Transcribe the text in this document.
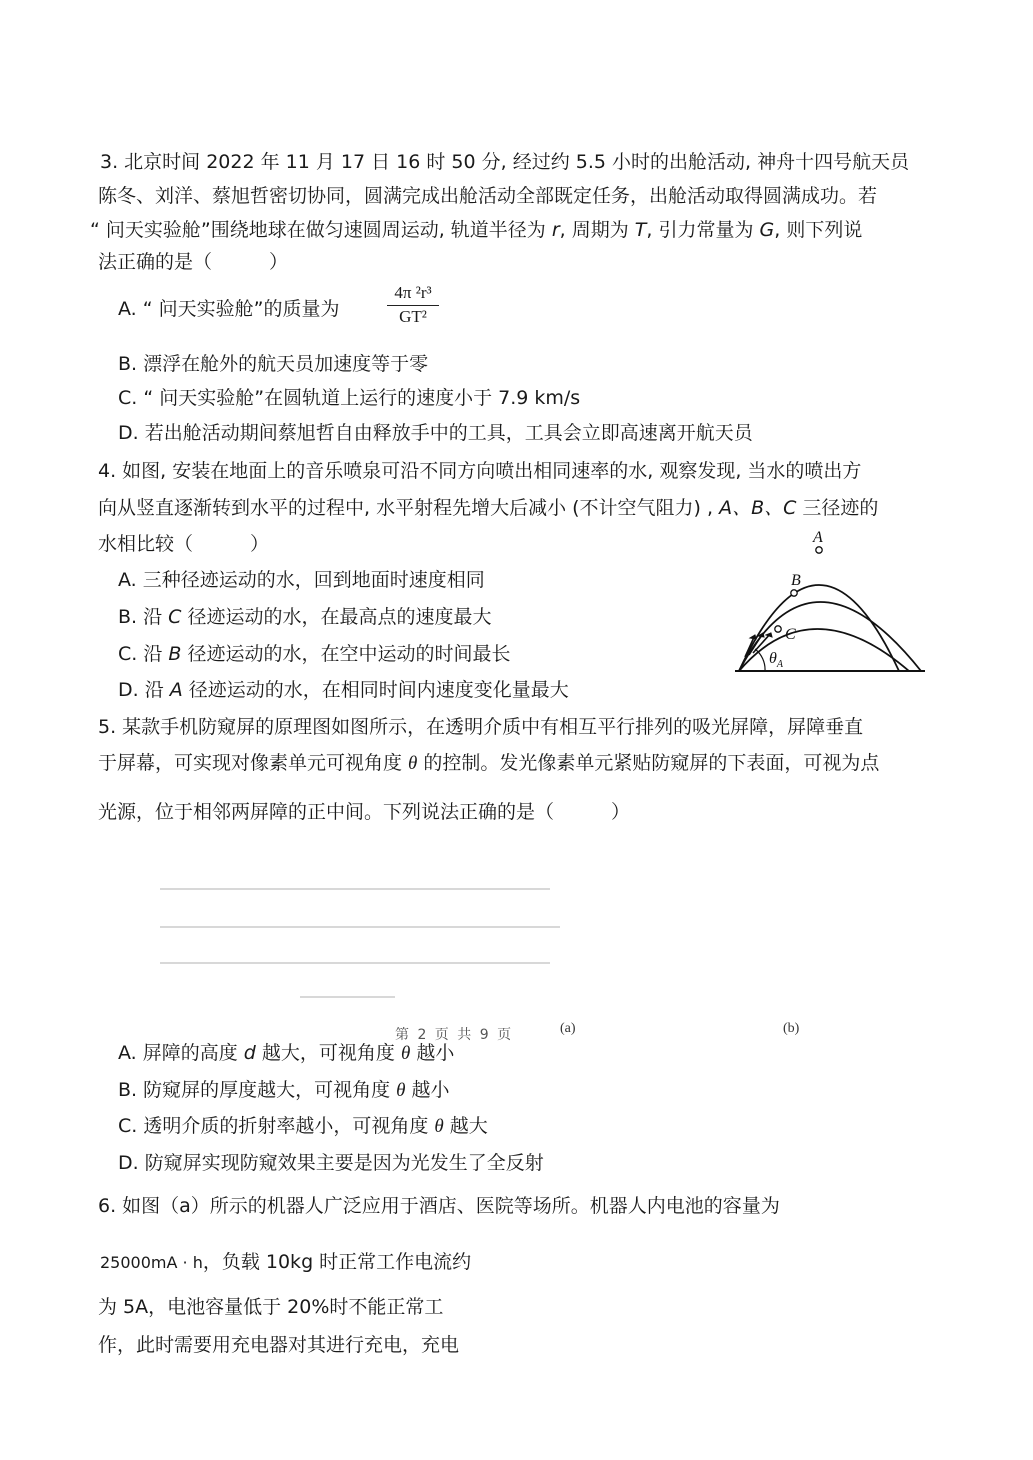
3. 北京时间 2022 年 11 月 17 日 16 时 50 分, 经过约 5.5 小时的出舱活动, 神舟十四号航天员
陈冬、刘洋、蔡旭哲密切协同，圆满完成出舱活动全部既定任务，出舱活动取得圆满成功。若
“ 问天实验舱”围绕地球在做匀速圆周运动, 轨道半径为 r, 周期为 T, 引力常量为 G, 则下列说
法正确的是（　　　）
A. “ 问天实验舱”的质量为	$\frac{\text{4π ²r³}}{\text{GT²}}$
B. 漂浮在舱外的航天员加速度等于零
C. “ 问天实验舱”在圆轨道上运行的速度小于 7.9 km/s
D. 若出舱活动期间蔡旭哲自由释放手中的工具，工具会立即高速离开航天员
4. 如图, 安装在地面上的音乐喷泉可沿不同方向喷出相同速率的水, 观察发现, 当水的喷出方
向从竖直逐渐转到水平的过程中, 水平射程先增大后减小 (不计空气阻力) , A、B、C 三径迹的
水相比较（　　　）
A. 三种径迹运动的水，回到地面时速度相同
B. 沿 C 径迹运动的水，在最高点的速度最大
C. 沿 B 径迹运动的水，在空中运动的时间最长
D. 沿 A 径迹运动的水，在相同时间内速度变化量最大
A
B
C
$\theta_A$
5. 某款手机防窥屏的原理图如图所示，在透明介质中有相互平行排列的吸光屏障，屏障垂直
于屏幕，可实现对像素单元可视角度 θ 的控制。发光像素单元紧贴防窥屏的下表面，可视为点
光源，位于相邻两屏障的正中间。下列说法正确的是（　　　）
A. 屏障的高度 d 越大，可视角度 θ 越小
B. 防窥屏的厚度越大，可视角度 θ 越小
C. 透明介质的折射率越小，可视角度 θ 越大
D. 防窥屏实现防窥效果主要是因为光发生了全反射
6. 如图（a）所示的机器人广泛应用于酒店、医院等场所。机器人内电池的容量为
25000mA · h，负载 10kg 时正常工作电流约
为 5A，电池容量低于 20%时不能正常工
作，此时需要用充电器对其进行充电，充电
(a)	(b)
第 2 页 共 9 页
